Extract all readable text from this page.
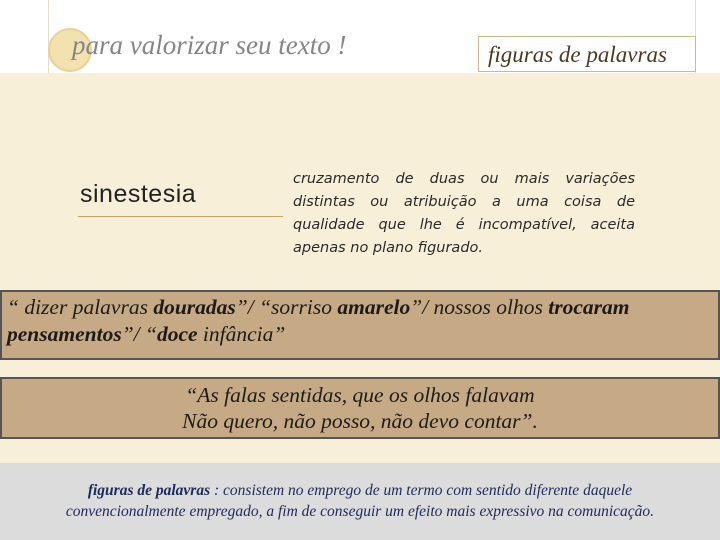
para valorizar seu texto !	figuras de palavras
sinestesia
cruzamento de duas ou mais variações distintas ou atribuição a uma coisa de qualidade que lhe é incompatível, aceita apenas no plano figurado.
“ dizer palavras douradas”/ “sorriso amarelo”/ nossos olhos trocaram pensamentos”/ “doce infância”
“As falas sentidas, que os olhos falavam
Não quero, não posso, não devo contar”.
figuras de palavras : consistem no emprego de um termo com sentido diferente daquele
convencionalmente empregado, a fim de conseguir um efeito mais expressivo na comunicação.
